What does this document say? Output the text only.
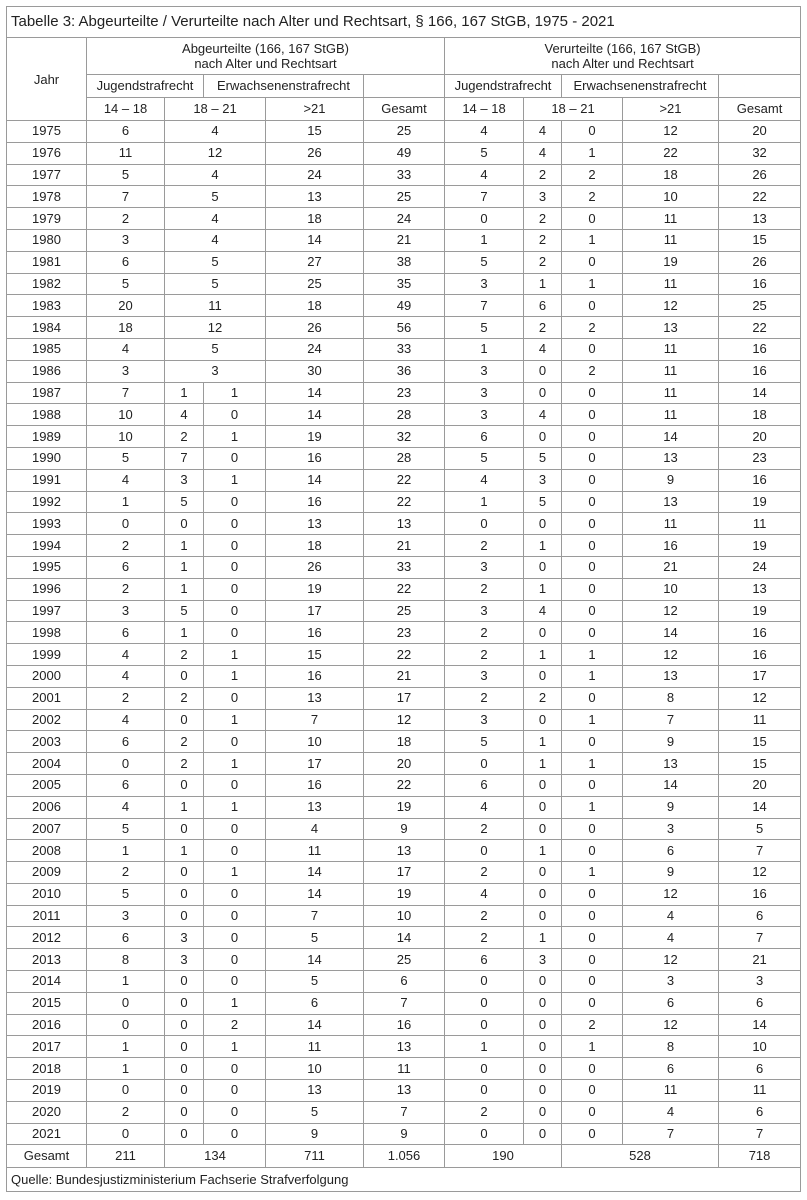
Tabelle 3: Abgeurteilte / Verurteilte nach Alter und Rechtsart, § 166, 167 StGB, 1975 - 2021										
Jahr	Abgeurteilte (166, 167 StGB)
nach Alter und Rechtsart					Verurteilte (166, 167 StGB)
nach Alter und Rechtsart				
	Jugendstrafrecht		Erwachsenenstrafrecht			Jugendstrafrecht		Erwachsenenstrafrecht		
	14 – 18	18 – 21		>21	Gesamt	14 – 18	18 – 21		>21	Gesamt
1975	6	4		15	25	4	4	0	12	20
1976	11	12		26	49	5	4	1	22	32
1977	5	4		24	33	4	2	2	18	26
1978	7	5		13	25	7	3	2	10	22
1979	2	4		18	24	0	2	0	11	13
1980	3	4		14	21	1	2	1	11	15
1981	6	5		27	38	5	2	0	19	26
1982	5	5		25	35	3	1	1	11	16
1983	20	11		18	49	7	6	0	12	25
1984	18	12		26	56	5	2	2	13	22
1985	4	5		24	33	1	4	0	11	16
1986	3	3		30	36	3	0	2	11	16
1987	7	1	1	14	23	3	0	0	11	14
1988	10	4	0	14	28	3	4	0	11	18
1989	10	2	1	19	32	6	0	0	14	20
1990	5	7	0	16	28	5	5	0	13	23
1991	4	3	1	14	22	4	3	0	9	16
1992	1	5	0	16	22	1	5	0	13	19
1993	0	0	0	13	13	0	0	0	11	11
1994	2	1	0	18	21	2	1	0	16	19
1995	6	1	0	26	33	3	0	0	21	24
1996	2	1	0	19	22	2	1	0	10	13
1997	3	5	0	17	25	3	4	0	12	19
1998	6	1	0	16	23	2	0	0	14	16
1999	4	2	1	15	22	2	1	1	12	16
2000	4	0	1	16	21	3	0	1	13	17
2001	2	2	0	13	17	2	2	0	8	12
2002	4	0	1	7	12	3	0	1	7	11
2003	6	2	0	10	18	5	1	0	9	15
2004	0	2	1	17	20	0	1	1	13	15
2005	6	0	0	16	22	6	0	0	14	20
2006	4	1	1	13	19	4	0	1	9	14
2007	5	0	0	4	9	2	0	0	3	5
2008	1	1	0	11	13	0	1	0	6	7
2009	2	0	1	14	17	2	0	1	9	12
2010	5	0	0	14	19	4	0	0	12	16
2011	3	0	0	7	10	2	0	0	4	6
2012	6	3	0	5	14	2	1	0	4	7
2013	8	3	0	14	25	6	3	0	12	21
2014	1	0	0	5	6	0	0	0	3	3
2015	0	0	1	6	7	0	0	0	6	6
2016	0	0	2	14	16	0	0	2	12	14
2017	1	0	1	11	13	1	0	1	8	10
2018	1	0	0	10	11	0	0	0	6	6
2019	0	0	0	13	13	0	0	0	11	11
2020	2	0	0	5	7	2	0	0	4	6
2021	0	0	0	9	9	0	0	0	7	7
Gesamt	211	134		711	1.056	190		528		718
Quelle: Bundesjustizministerium Fachserie Strafverfolgung										
